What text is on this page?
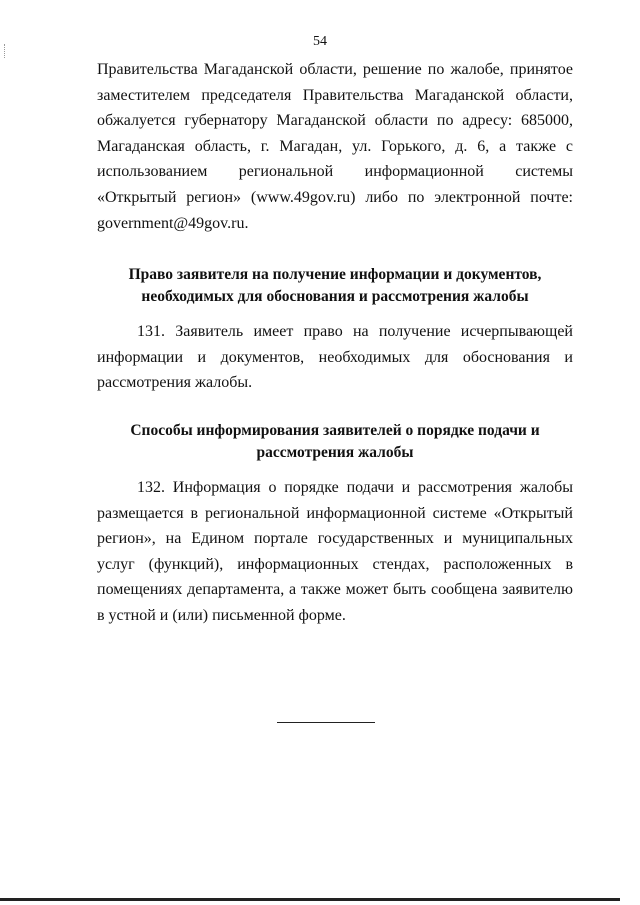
54

Правительства Магаданской области, решение по жалобе, принятое заместителем председателя Правительства Магаданской области, обжалуется губернатору Магаданской области по адресу: 685000, Магаданская область, г. Магадан, ул. Горького, д. 6, а также с использованием региональной информационной системы «Открытый регион» (www.49gov.ru) либо по электронной почте: government@49gov.ru.

Право заявителя на получение информации и документов,
необходимых для обоснования и рассмотрения жалобы

131. Заявитель имеет право на получение исчерпывающей информации и документов, необходимых для обоснования и рассмотрения жалобы.

Способы информирования заявителей о порядке подачи и
рассмотрения жалобы

132. Информация о порядке подачи и рассмотрения жалобы размещается в региональной информационной системе «Открытый регион», на Едином портале государственных и муниципальных услуг (функций), информационных стендах, расположенных в помещениях департамента, а также может быть сообщена заявителю в устной и (или) письменной форме.
